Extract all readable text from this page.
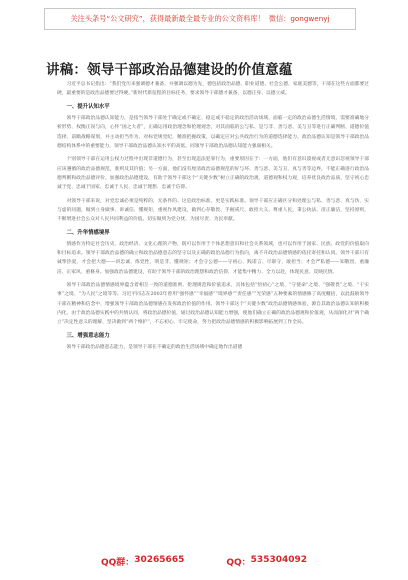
关注头条号“公文研究”，获得最新最全最专业的公文资料库！ 微信：gongwenyj
讲稿：领导干部政治品德建设的价值意蕴

习近平总书记指出：“我们党历来强调德才兼备，并强调以德为先，德包括政治品德、职业道德、社会公德、家庭美德等，干部在这些方面都要过硬，最重要的是政治品德要过得硬。”新时代新征程的目标任务，要求领导干部德才兼备，以德正身、以德立威。

一、提升认知水平

领导干部政治品德认知能力，是指当领导干部处于确定或不确定、稳定或不稳定的政治活动场域，面临一定的政治品德生活情境，需要准确地分析形势、权衡正误与向，心怀“国之大者”，正确运用政治理念和伦理观念，对其面临的公与私、是与非、善与恶、美与丑等进行正确判断、道德价值选择、前瞻战略谋划，并主动担当作为、对标党规党纪，精准把握政策，以确定应对公共政治行为的道德选择能力。政治品德认知是领导干部政治品德结构体系中的重要能力，领导干部政治品德认知水平的高低，同领导干部政治品德认知能力强弱相关。

个别领导干部在运用公权力过程中出现非道德行为，甚至出现违法犯罪行为，重要原因在于：一方面，他们有意识漠视或者无意识忽视领导干部应该遵循的政治品德规范，准则及其价值；另一方面，他们没有厘清政治品德规范的好与坏、善与恶、美与丑、真与善等边界，不能正确进行政治品德判断和政治品德评价。加强政治品德建设，有助于领导干部这个“关键少数”树立正确的政治观、道德观和权力观，培养优良政治品质，坚守初心忠诚于党、忠诚于国家、忠诚于人民、忠诚于理想、忠诚于信仰。

对领导干部来说，对党忠诚必须是纯粹的，无条件的。这是政治标准，更是实践标准。领导干部应正确区分和处理公与私、善与恶、真与伪、实与虚的问题，做到立身做事、讲诚信、懂规矩，重视作风建设，做到心存敬畏、手握戒尺，敢担大义、尊重人民，秉公执法、清正廉洁，坚持原则，不断增进社会公众对人民共同利益的价值。切实做到为党分忧、为国尽责、为民奉献。

二、升华情感境界

情感作为特定社会历史、政治经济、文化心理的产物，既可以作用于个体思想意识和社会关系领域，也可以作用于国家、民族、政党的价值取向和目标追求。领导干部政治品德的确立和政治品德意志的坚守以及正确的政治品德行为指向，离不开政治品德情感的依托寄托和认同。领导干部只有诚挚热爱、才会把大德——讲忠诚、炼党性、明是非、懂规矩；才会守公德——守初心、践诺言、尽职守、敢担当；才会严私德——知敬畏、重廉洁、正家风、重修身。加强政治品德建设，有助于领导干部的政治理想和政治信仰，才能集中精力、全力以赴，体现民意、反映民情。

领导干部政治品德情感境界蕴含着相互一致的道德准则、伦理规范和价值追求，具体包括“悟初心”之境、“守使命”之境、“强敬畏”之境、“干实事”之境、“为人民”之境等等。习近平同志在2003年曾用“强怀感”“幸福感”“境界感”“责任感”“光荣感”五种要素的情感修了高度概括，以此鼓励领导干部在精神和信念中，增强领导干部政治品德情感在发挥政治价值的作用。领导干部这个“关键少数”政治品德情感体验，源自其政治品德认知的积极内化，由于政治品德实践中的共情认同，将政治品德价值，通过政治品德认知能力增强，使他们确立正确的政治品德观和价值观，从而深化对“两个确立”决定性意义的理解，坚决做到“两个维护”，不忘初心、牢记使命，努力把政治品德情感的积极影响拓展到工作全局。

三、增强意志能力

领导干部政治品德意志能力，是领导干部在不确定的政治生活场域中确定地作出道德

QQ群： 30265665	QQ： 535304092
